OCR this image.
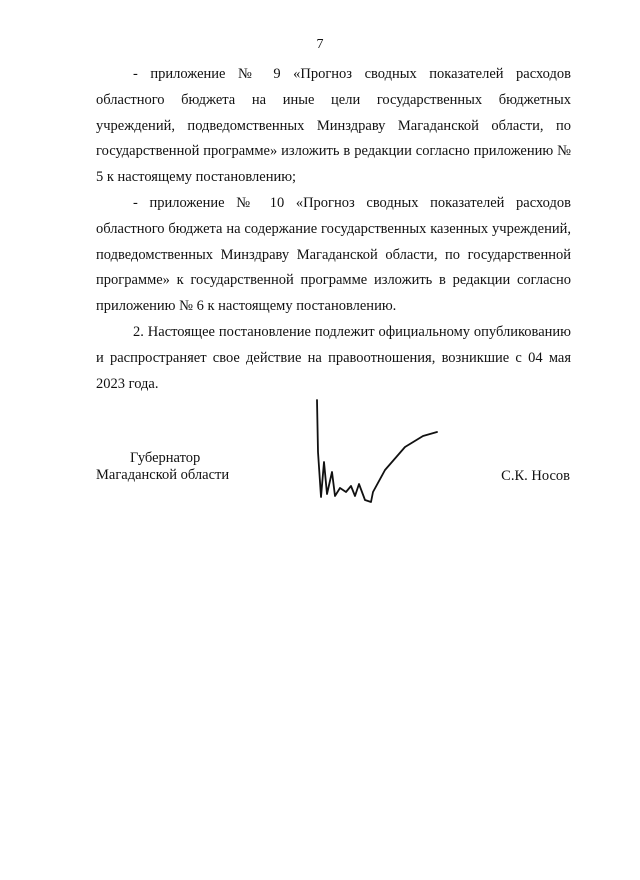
7

- приложение № 9 «Прогноз сводных показателей расходов областного бюджета на иные цели государственных бюджетных учреждений, подведомственных Минздраву Магаданской области, по государственной программе» изложить в редакции согласно приложению № 5 к настоящему постановлению;

- приложение № 10 «Прогноз сводных показателей расходов областного бюджета на содержание государственных казенных учреждений, подведомственных Минздраву Магаданской области, по государственной программе» к государственной программе изложить в редакции согласно приложению № 6 к настоящему постановлению.

2. Настоящее постановление подлежит официальному опубликованию и распространяет свое действие на правоотношения, возникшие с 04 мая 2023 года.

Губернатор
Магаданской области	С.К. Носов
